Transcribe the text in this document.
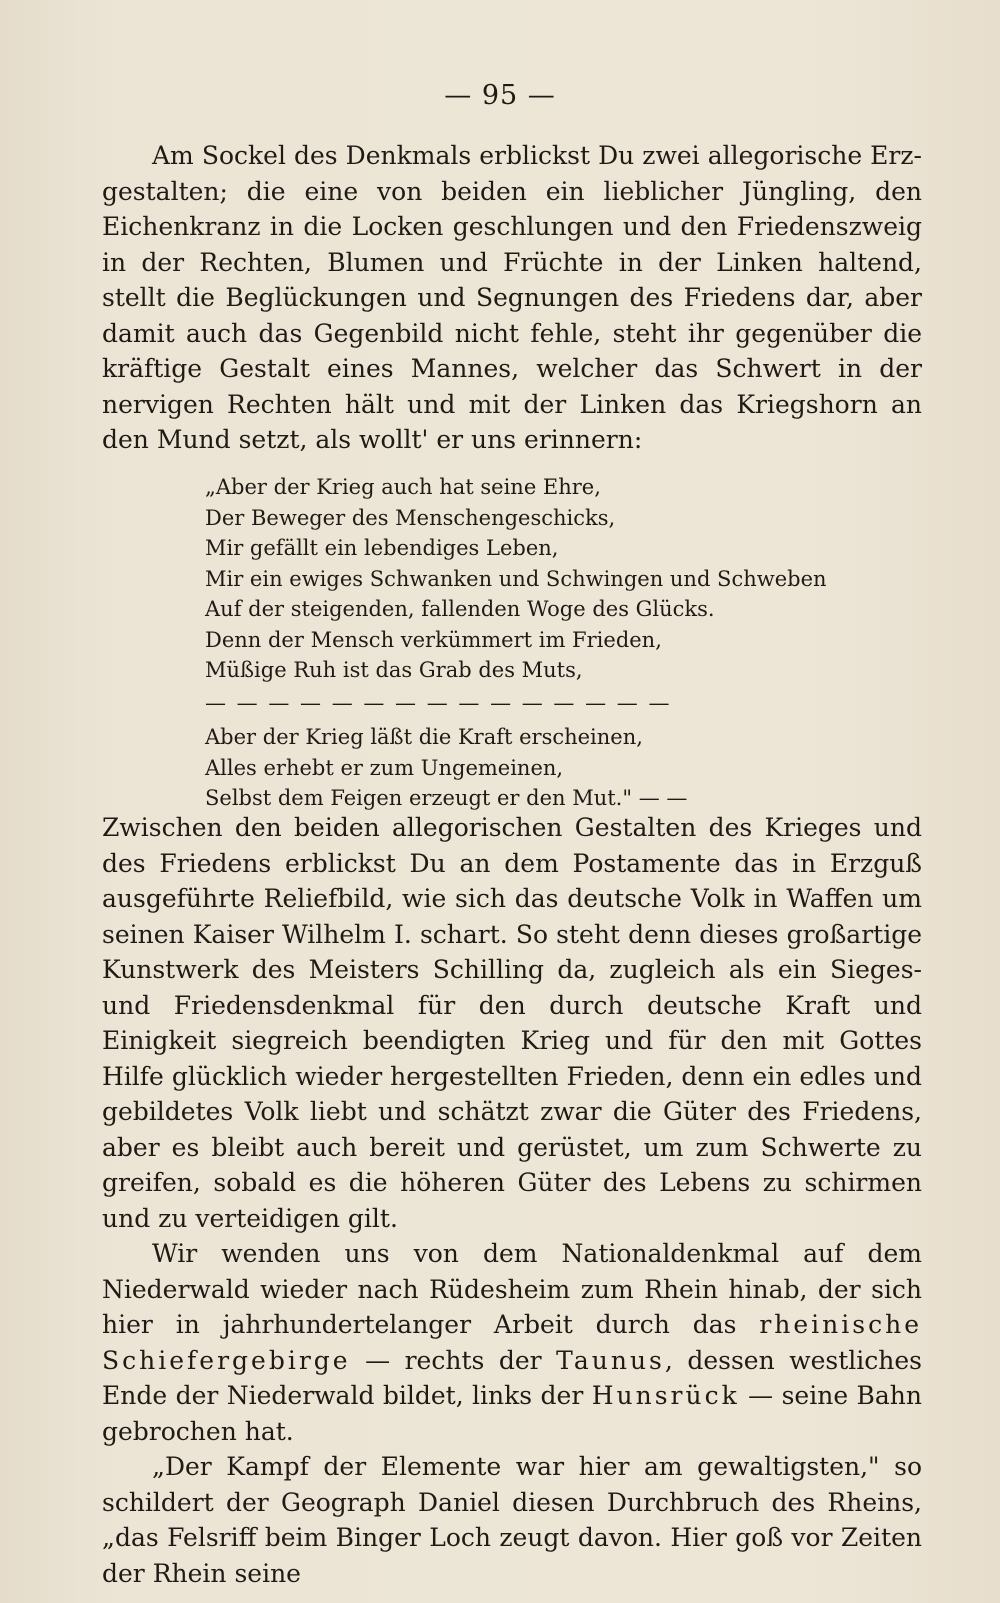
— 95 —

Am Sockel des Denkmals erblickst Du zwei allegorische Erzgestalten; die eine von beiden ein lieblicher Jüngling, den Eichenkranz in die Locken geschlungen und den Friedenszweig in der Rechten, Blumen und Früchte in der Linken haltend, stellt die Beglückungen und Segnungen des Friedens dar, aber damit auch das Gegenbild nicht fehle, steht ihr gegenüber die kräftige Gestalt eines Mannes, welcher das Schwert in der nervigen Rechten hält und mit der Linken das Kriegshorn an den Mund setzt, als wollt' er uns erinnern:

„Aber der Krieg auch hat seine Ehre,
Der Beweger des Menschengeschicks,
Mir gefällt ein lebendiges Leben,
Mir ein ewiges Schwanken und Schwingen und Schweben
Auf der steigenden, fallenden Woge des Glücks.
Denn der Mensch verkümmert im Frieden,
Müßige Ruh ist das Grab des Muts,
— — — — — — — — — — — — — — —
Aber der Krieg läßt die Kraft erscheinen,
Alles erhebt er zum Ungemeinen,
Selbst dem Feigen erzeugt er den Mut." — —

Zwischen den beiden allegorischen Gestalten des Krieges und des Friedens erblickst Du an dem Postamente das in Erzguß ausgeführte Reliefbild, wie sich das deutsche Volk in Waffen um seinen Kaiser Wilhelm I. schart. So steht denn dieses großartige Kunstwerk des Meisters Schilling da, zugleich als ein Sieges- und Friedensdenkmal für den durch deutsche Kraft und Einigkeit siegreich beendigten Krieg und für den mit Gottes Hilfe glücklich wieder hergestellten Frieden, denn ein edles und gebildetes Volk liebt und schätzt zwar die Güter des Friedens, aber es bleibt auch bereit und gerüstet, um zum Schwerte zu greifen, sobald es die höheren Güter des Lebens zu schirmen und zu verteidigen gilt.

Wir wenden uns von dem Nationaldenkmal auf dem Niederwald wieder nach Rüdesheim zum Rhein hinab, der sich hier in jahrhundertelanger Arbeit durch das rheinische Schiefergebirge — rechts der Taunus, dessen westliches Ende der Niederwald bildet, links der Hunsrück — seine Bahn gebrochen hat.

„Der Kampf der Elemente war hier am gewaltigsten," so schildert der Geograph Daniel diesen Durchbruch des Rheins, „das Felsriff beim Binger Loch zeugt davon. Hier goß vor Zeiten der Rhein seine
